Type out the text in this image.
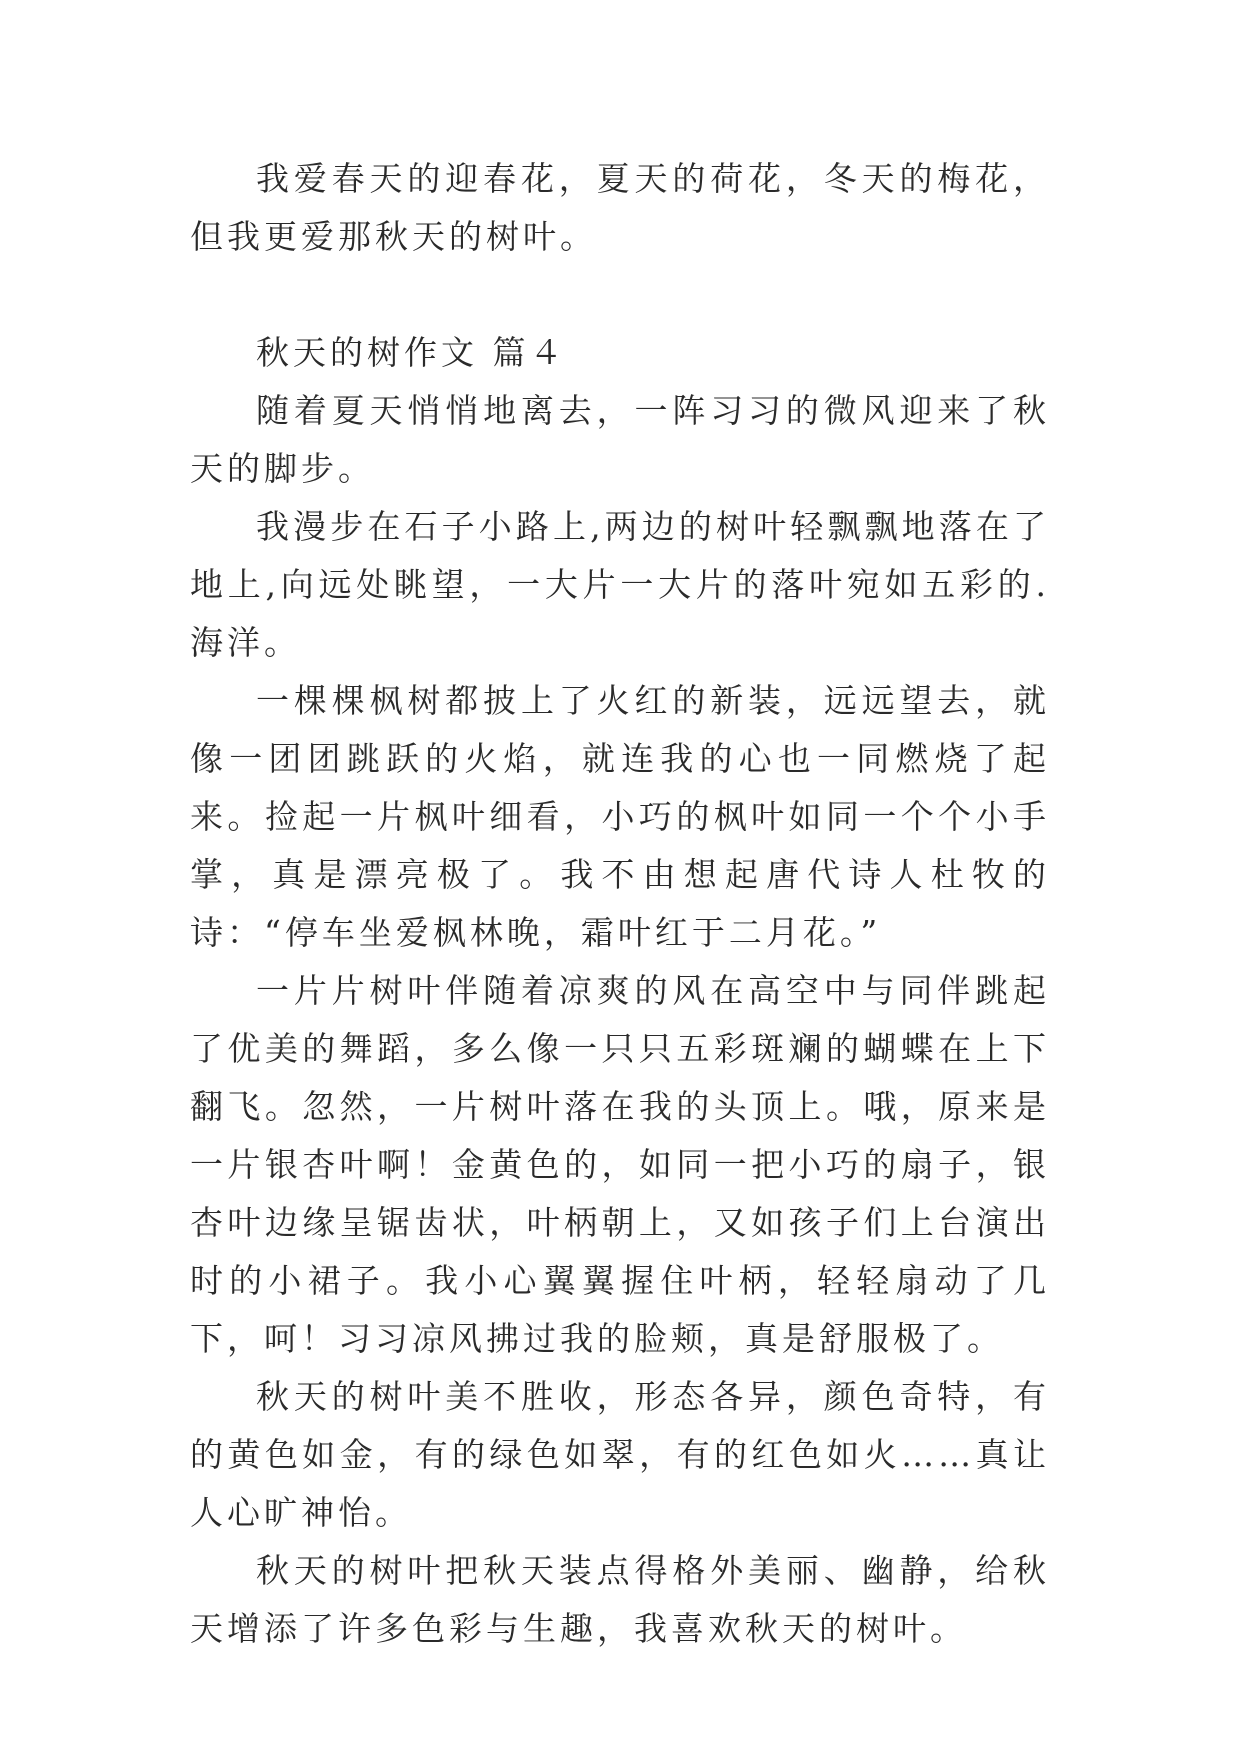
我爱春天的迎春花，夏天的荷花，冬天的梅花，但我更爱那秋天的树叶。

秋天的树作文 篇４

随着夏天悄悄地离去，一阵习习的微风迎来了秋天的脚步。

我漫步在石子小路上,两边的树叶轻飘飘地落在了地上,向远处眺望，一大片一大片的落叶宛如五彩的.海洋。

一棵棵枫树都披上了火红的新装，远远望去，就像一团团跳跃的火焰，就连我的心也一同燃烧了起来。捡起一片枫叶细看，小巧的枫叶如同一个个小手掌，真是漂亮极了。我不由想起唐代诗人杜牧的诗：“停车坐爱枫林晚，霜叶红于二月花。”

一片片树叶伴随着凉爽的风在高空中与同伴跳起了优美的舞蹈，多么像一只只五彩斑斓的蝴蝶在上下翻飞。忽然，一片树叶落在我的头顶上。哦，原来是一片银杏叶啊！金黄色的，如同一把小巧的扇子，银杏叶边缘呈锯齿状，叶柄朝上，又如孩子们上台演出时的小裙子。我小心翼翼握住叶柄，轻轻扇动了几下，呵！习习凉风拂过我的脸颊，真是舒服极了。

秋天的树叶美不胜收，形态各异，颜色奇特，有的黄色如金，有的绿色如翠，有的红色如火……真让人心旷神怡。

秋天的树叶把秋天装点得格外美丽、幽静，给秋天增添了许多色彩与生趣，我喜欢秋天的树叶。
